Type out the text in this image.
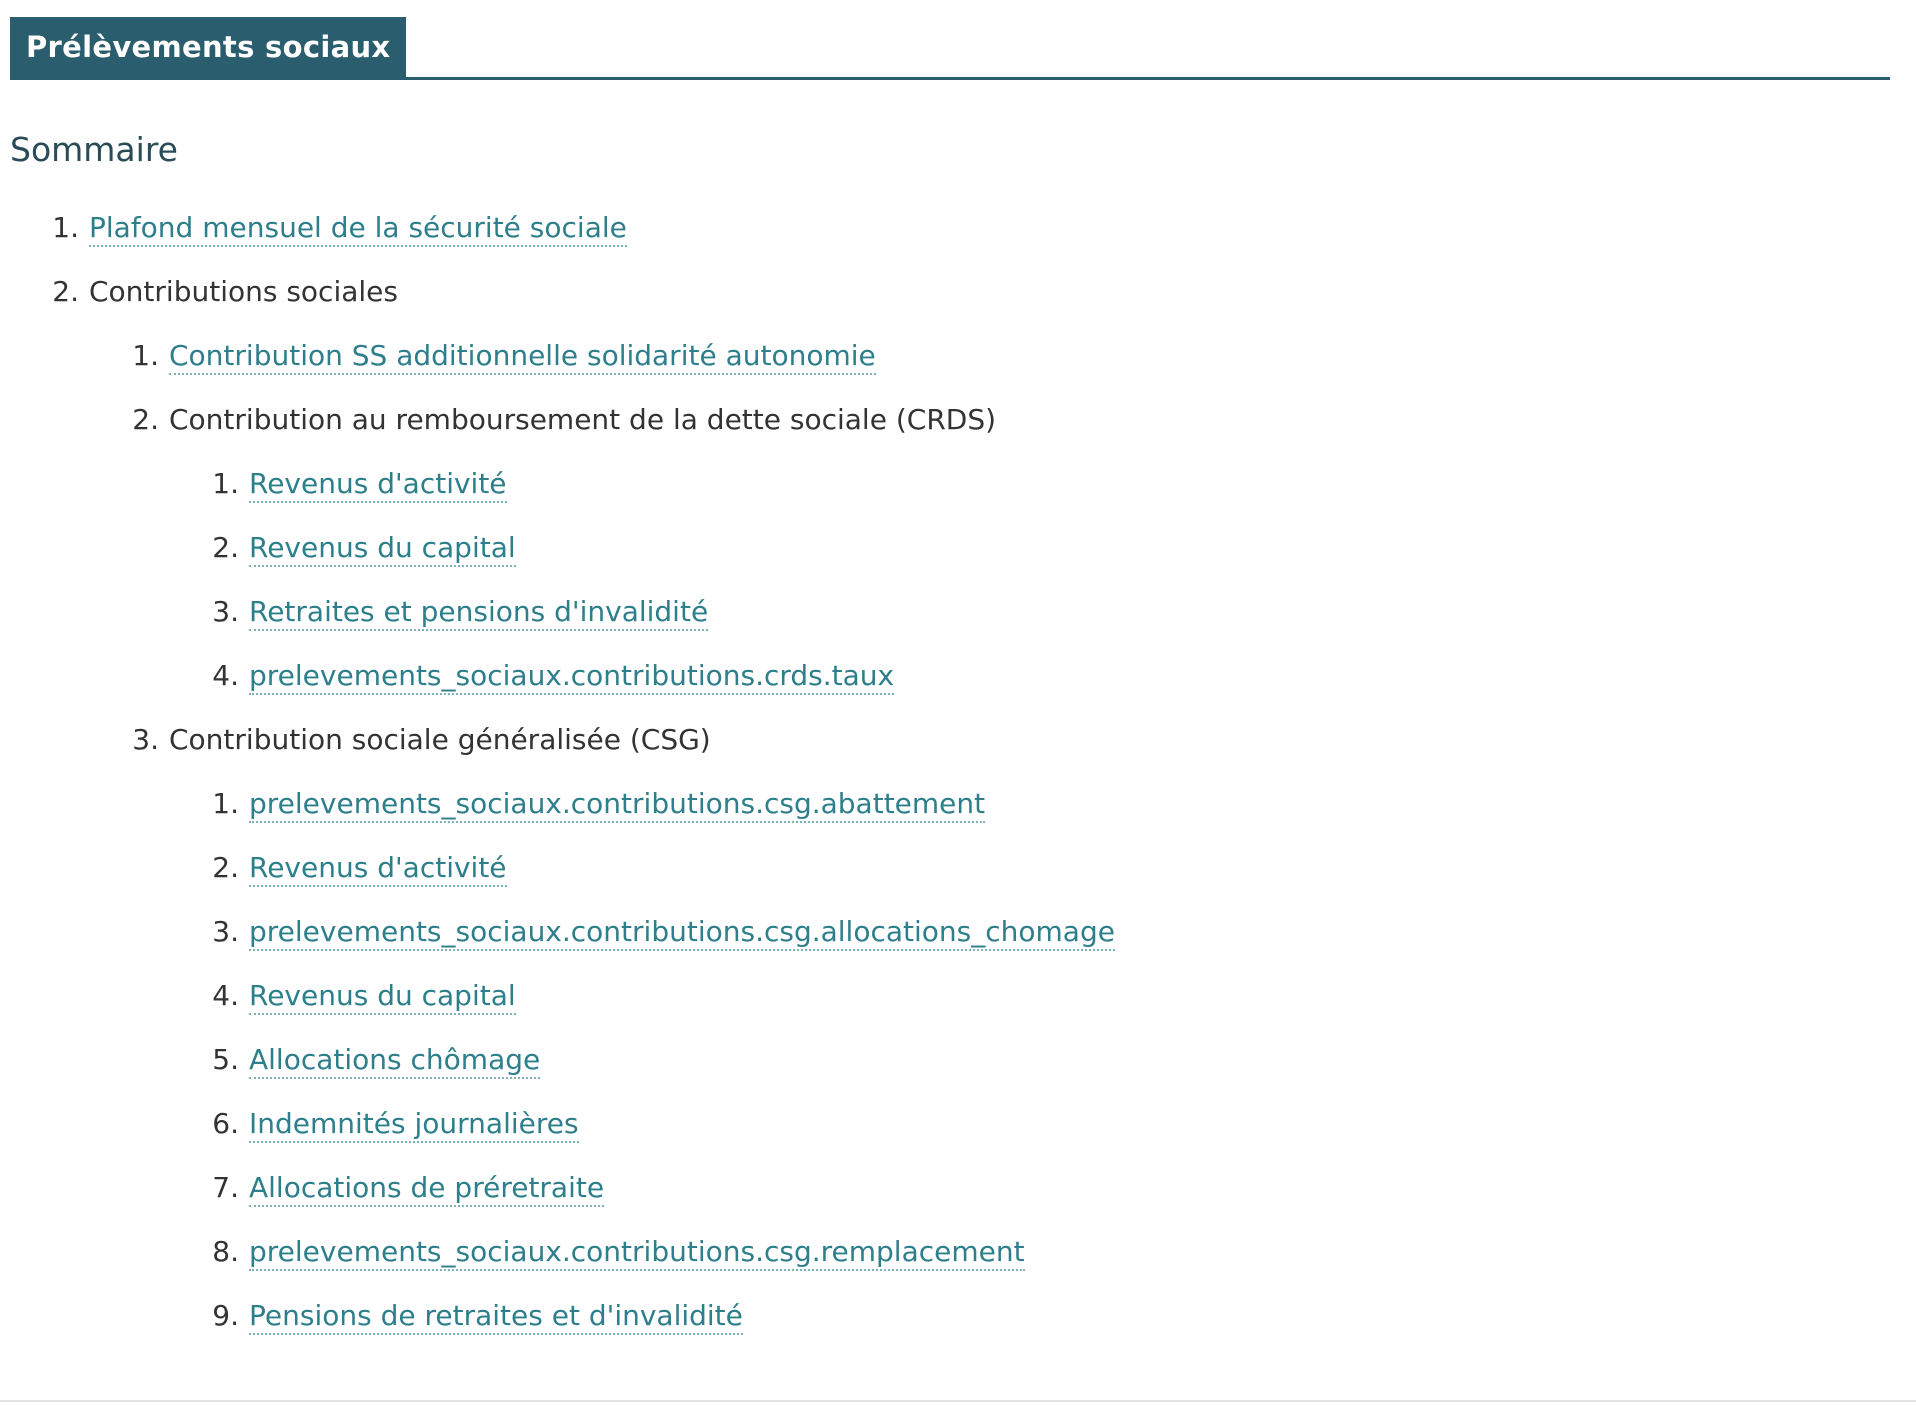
Prélèvements sociaux
Sommaire
1. Plafond mensuel de la sécurité sociale
2. Contributions sociales
1. Contribution SS additionnelle solidarité autonomie
2. Contribution au remboursement de la dette sociale (CRDS)
1. Revenus d'activité
2. Revenus du capital
3. Retraites et pensions d'invalidité
4. prelevements_sociaux.contributions.crds.taux
3. Contribution sociale généralisée (CSG)
1. prelevements_sociaux.contributions.csg.abattement
2. Revenus d'activité
3. prelevements_sociaux.contributions.csg.allocations_chomage
4. Revenus du capital
5. Allocations chômage
6. Indemnités journalières
7. Allocations de préretraite
8. prelevements_sociaux.contributions.csg.remplacement
9. Pensions de retraites et d'invalidité
